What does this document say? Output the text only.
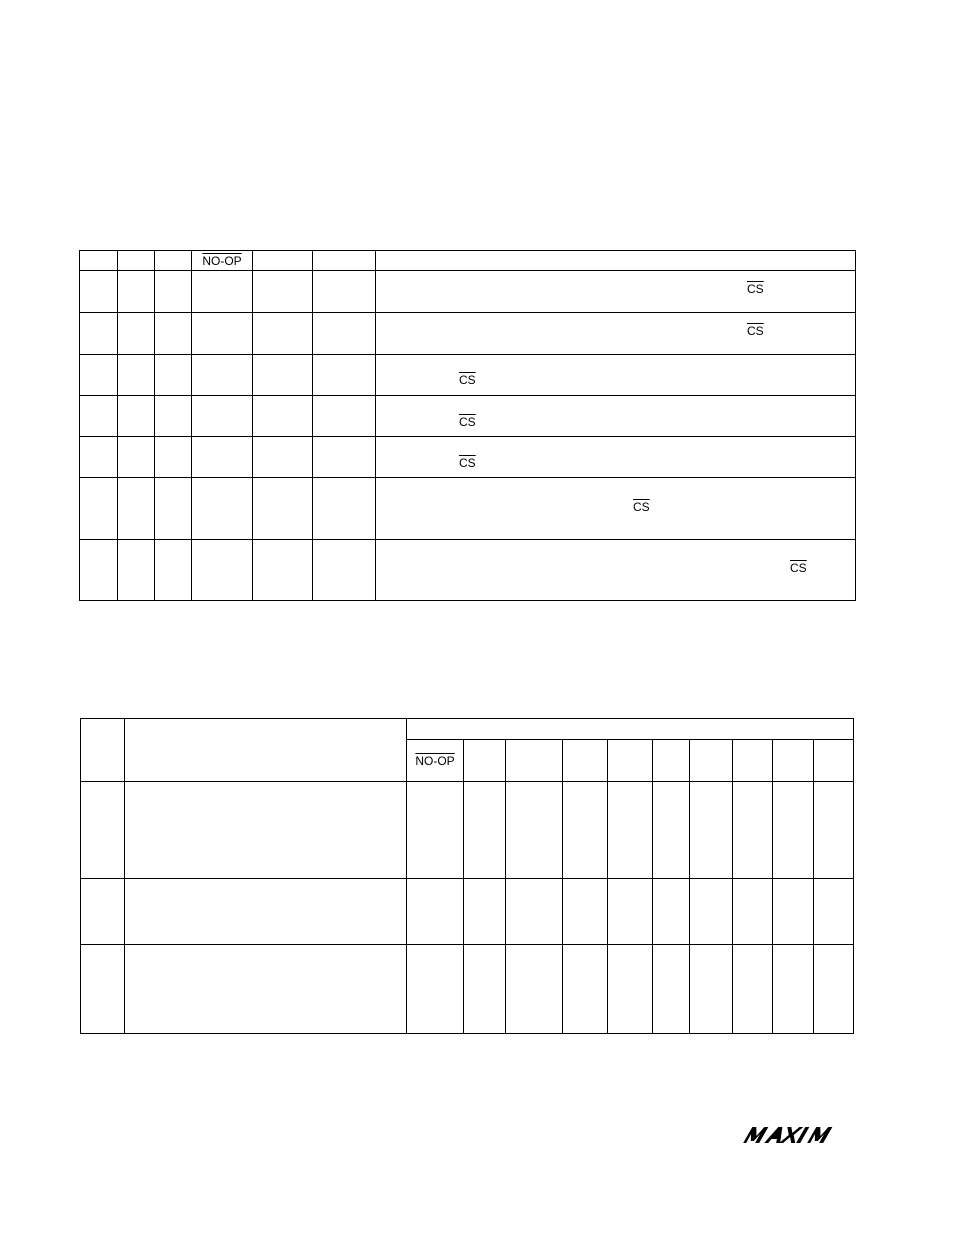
			NO-OP			

						$\overline{CS}$

						$\overline{CS}$

						$\overline{CS}$

						$\overline{CS}$

						$\overline{CS}$

						$\overline{CS}$

						$\overline{CS}$

		NO-OP									
